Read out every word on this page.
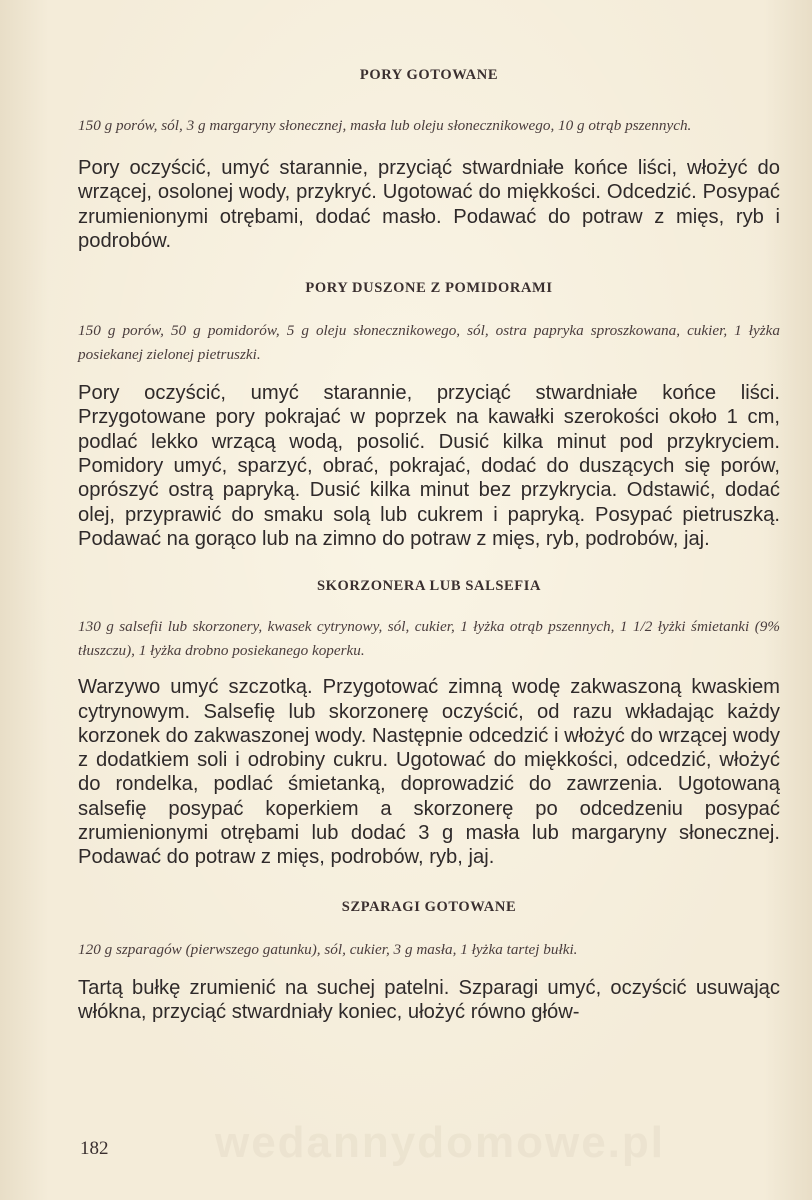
wedannydomowe.pl
PORY GOTOWANE

150 g porów, sól, 3 g margaryny słonecznej, masła lub oleju słonecznikowego, 10 g otrąb pszennych.

Pory oczyścić, umyć starannie, przyciąć stwardniałe końce liści, włożyć do wrzącej, osolonej wody, przykryć. Ugotować do miękkości. Odcedzić. Posypać zrumienionymi otrębami, dodać masło. Podawać do potraw z mięs, ryb i podrobów.

PORY DUSZONE Z POMIDORAMI

150 g porów, 50 g pomidorów, 5 g oleju słonecznikowego, sól, ostra papryka sproszkowana, cukier, 1 łyżka posiekanej zielonej pietruszki.

Pory oczyścić, umyć starannie, przyciąć stwardniałe końce liści. Przygotowane pory pokrajać w poprzek na kawałki szerokości około 1 cm, podlać lekko wrzącą wodą, posolić. Dusić kilka minut pod przykryciem. Pomidory umyć, sparzyć, obrać, pokrajać, dodać do duszących się porów, oprószyć ostrą papryką. Dusić kilka minut bez przykrycia. Odstawić, dodać olej, przyprawić do smaku solą lub cukrem i papryką. Posypać pietruszką. Podawać na gorąco lub na zimno do potraw z mięs, ryb, podrobów, jaj.

SKORZONERA LUB SALSEFIA

130 g salsefii lub skorzonery, kwasek cytrynowy, sól, cukier, 1 łyżka otrąb pszennych, 1 1/2 łyżki śmietanki (9% tłuszczu), 1 łyżka drobno posiekanego koperku.

Warzywo umyć szczotką. Przygotować zimną wodę zakwaszoną kwaskiem cytrynowym. Salsefię lub skorzonerę oczyścić, od razu wkładając każdy korzonek do zakwaszonej wody. Następnie odcedzić i włożyć do wrzącej wody z dodatkiem soli i odrobiny cukru. Ugotować do miękkości, odcedzić, włożyć do rondelka, podlać śmietanką, doprowadzić do zawrzenia. Ugotowaną salsefię posypać koperkiem a skorzonerę po odcedzeniu posypać zrumienionymi otrębami lub dodać 3 g masła lub margaryny słonecznej. Podawać do potraw z mięs, podrobów, ryb, jaj.

SZPARAGI GOTOWANE

120 g szparagów (pierwszego gatunku), sól, cukier, 3 g masła, 1 łyżka tartej bułki.

Tartą bułkę zrumienić na suchej patelni. Szparagi umyć, oczyścić usuwając włókna, przyciąć stwardniały koniec, ułożyć równo głów-

182
